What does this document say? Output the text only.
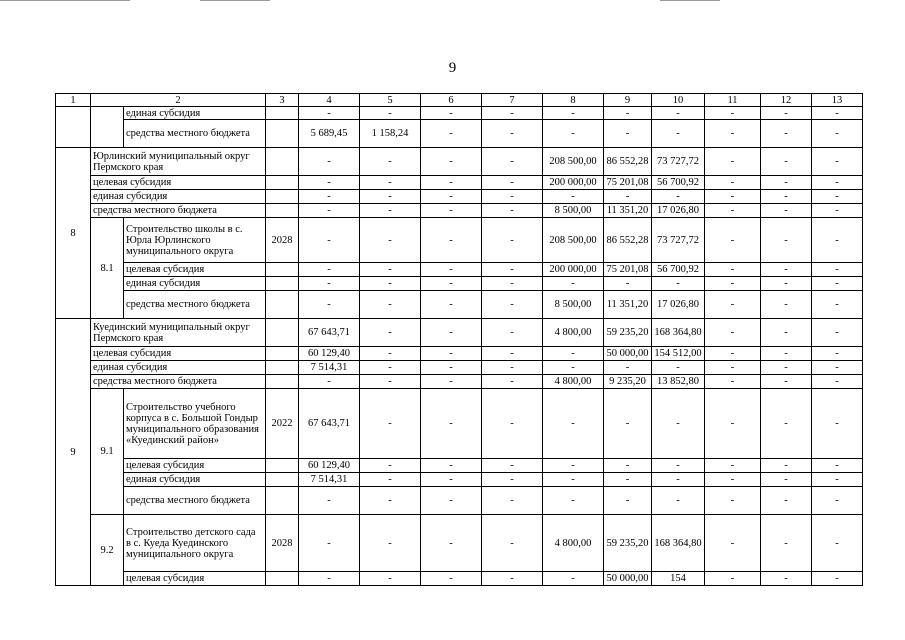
9
1	2		3	4	5	6	7	8	9	10	11	12	13
		единая субсидия		-	-	-	-	-	-	-	-	-	-
		средства местного бюджета		5 689,45	1 158,24	-	-	-	-	-	-	-	-
8	Юрлинский муниципальный округ Пермского края			-	-	-	-	208 500,00	86 552,28	73 727,72	-	-	-
	целевая субсидия			-	-	-	-	200 000,00	75 201,08	56 700,92	-	-	-
	единая субсидия			-	-	-	-	-	-	-	-	-	-
	средства местного бюджета			-	-	-	-	8 500,00	11 351,20	17 026,80	-	-	-
	8.1	Строительство школы в с. Юрла Юрлинского муниципального округа	2028	-	-	-	-	208 500,00	86 552,28	73 727,72	-	-	-
		целевая субсидия		-	-	-	-	200 000,00	75 201,08	56 700,92	-	-	-
		единая субсидия		-	-	-	-	-	-	-	-	-	-
		средства местного бюджета		-	-	-	-	8 500,00	11 351,20	17 026,80	-	-	-
9	Куединский муниципальный округ Пермского края			67 643,71	-	-	-	4 800,00	59 235,20	168 364,80	-	-	-
	целевая субсидия			60 129,40	-	-	-	-	50 000,00	154 512,00	-	-	-
	единая субсидия			7 514,31	-	-	-	-	-	-	-	-	-
	средства местного бюджета			-	-	-	-	4 800,00	9 235,20	13 852,80	-	-	-
	9.1	Строительство учебного корпуса в с. Большой Гондыр муниципального образования «Куединский район»	2022	67 643,71	-	-	-	-	-	-	-	-	-
		целевая субсидия		60 129,40	-	-	-	-	-	-	-	-	-
		единая субсидия		7 514,31	-	-	-	-	-	-	-	-	-
		средства местного бюджета		-	-	-	-	-	-	-	-	-	-
	9.2	Строительство детского сада в с. Куеда Куединского муниципального округа	2028	-	-	-	-	4 800,00	59 235,20	168 364,80	-	-	-
		целевая субсидия		-	-	-	-	-	50 000,00	154	-	-	-
